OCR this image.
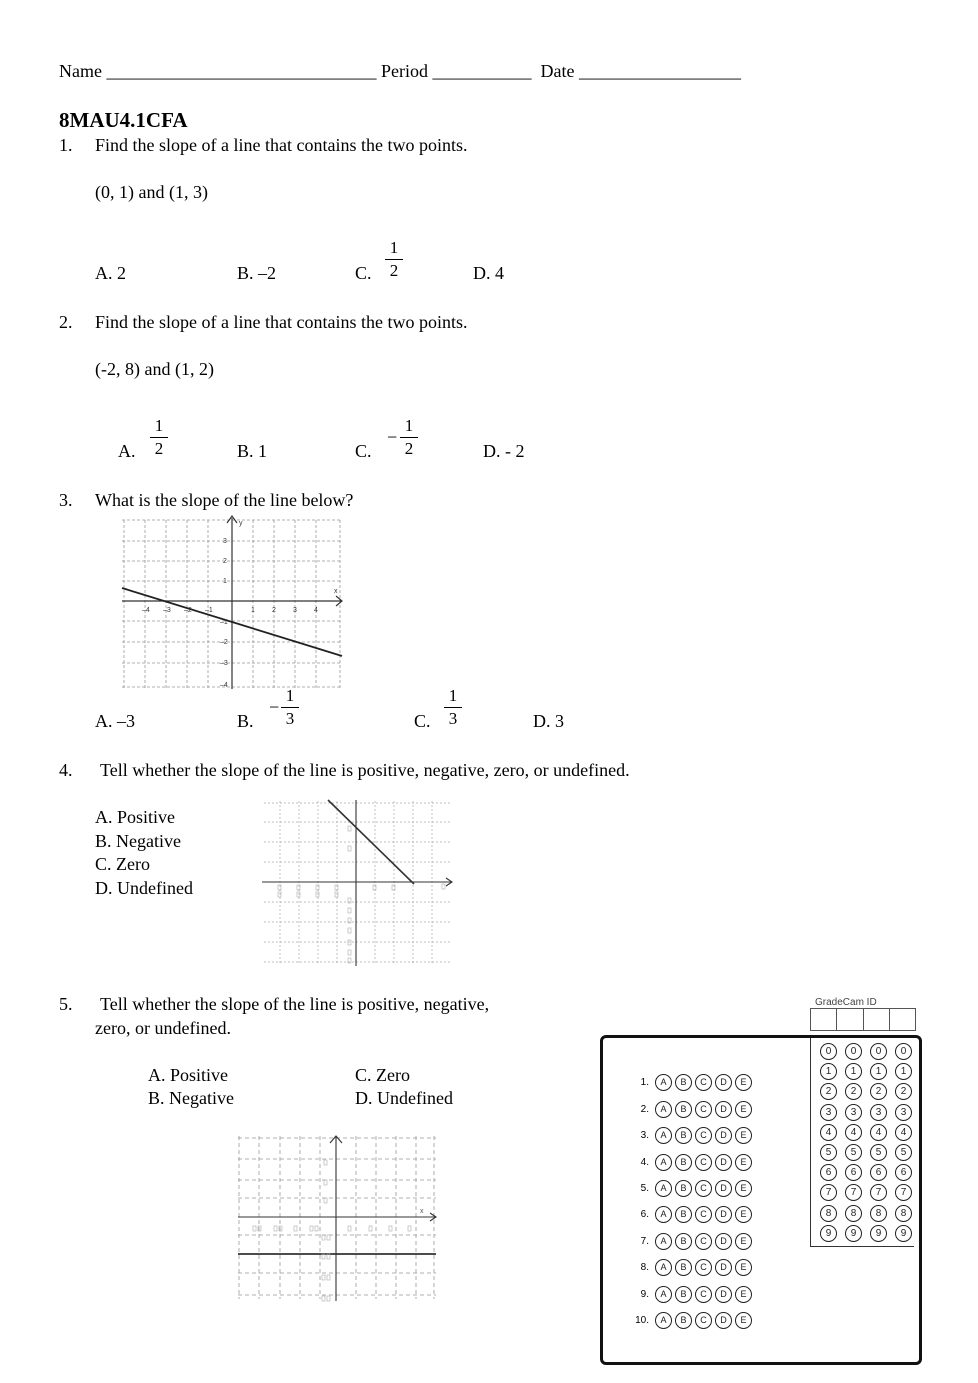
Name ______________________________ Period ___________ Date __________________
8MAU4.1CFA
1. Find the slope of a line that contains the two points.
(0, 1) and (1, 3)
A. 2	B. –2	C.
1
2	D. 4
2. Find the slope of a line that contains the two points.
(-2, 8) and (1, 2)
A.
1
2	B. 1	C.
−
1
2	D. - 2
3. What is the slope of the line below?
y
x
–4 –3 –2 –1	1 2 3 4
3
2
1
–1
–2
–3
–4
A. –3	B.
−
1
3	C.
1
3	D. 3
4. Tell whether the slope of the line is positive, negative, zero, or undefined.
A. Positive
B. Negative
C. Zero
D. Undefined
5. Tell whether the slope of the line is positive, negative,
zero, or undefined.
A. Positive
B. Negative
C. Zero
D. Undefined
x
GradeCam ID
1. A B C D E
2. A B C D E
3. A B C D E
4. A B C D E
5. A B C D E
6. A B C D E
7. A B C D E
8. A B C D E
9. A B C D E
10. A B C D E
0	0	0	0
1	1	1	1
2	2	2	2
3	3	3	3
4	4	4	4
5	5	5	5
6	6	6	6
7	7	7	7
8	8	8	8
9	9	9	9
